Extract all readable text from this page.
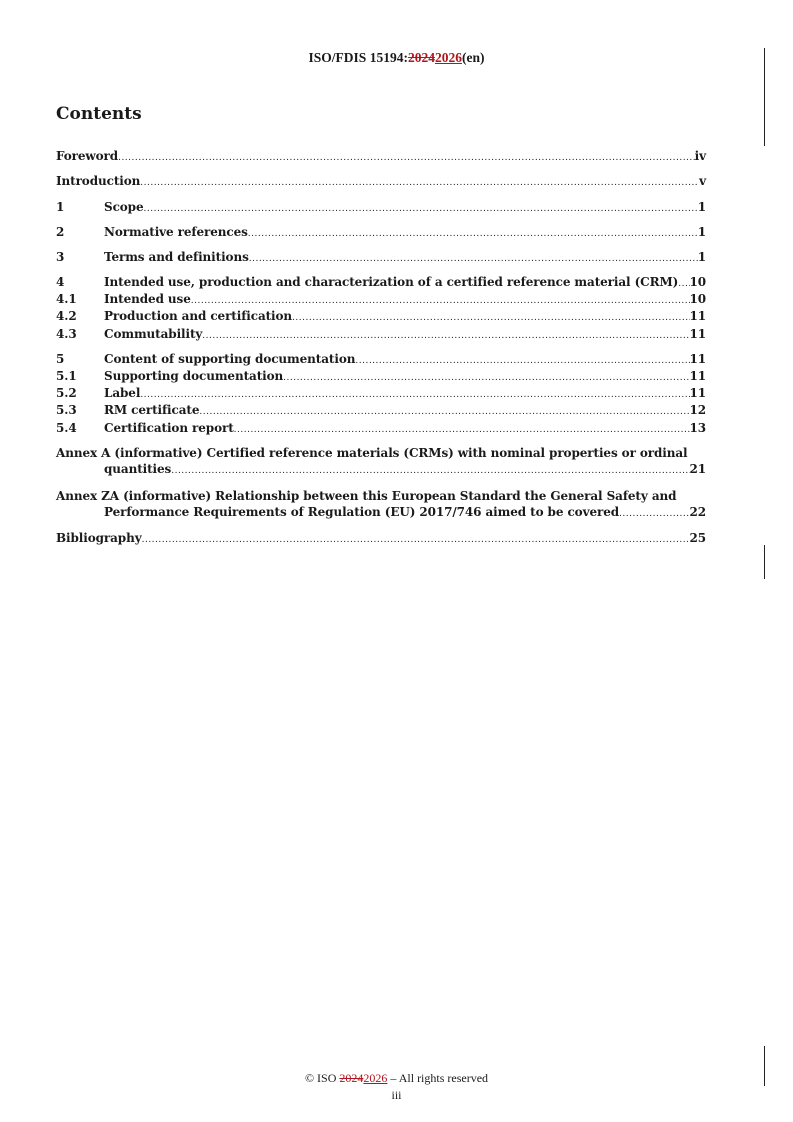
ISO/FDIS 15194:20242026(en)
Contents
Foreword .....	iv
Introduction .....	v
1	Scope .....	1
2	Normative references .....	1
3	Terms and definitions .....	1
4	Intended use, production and characterization of a certified reference material (CRM) ..... 10
4.1	Intended use .....	10
4.2	Production and certification .....	11
4.3	Commutability .....	11
5	Content of supporting documentation .....	11
5.1	Supporting documentation .....	11
5.2	Label .....	11
5.3	RM certificate .....	12
5.4	Certification report .....	13
Annex A (informative) Certified reference materials (CRMs) with nominal properties or ordinal
quantities .....	21
Annex ZA (informative) Relationship between this European Standard the General Safety and
Performance Requirements of Regulation (EU) 2017/746 aimed to be covered .....	22
Bibliography .....	25
© ISO 20242026 – All rights reserved
iii
